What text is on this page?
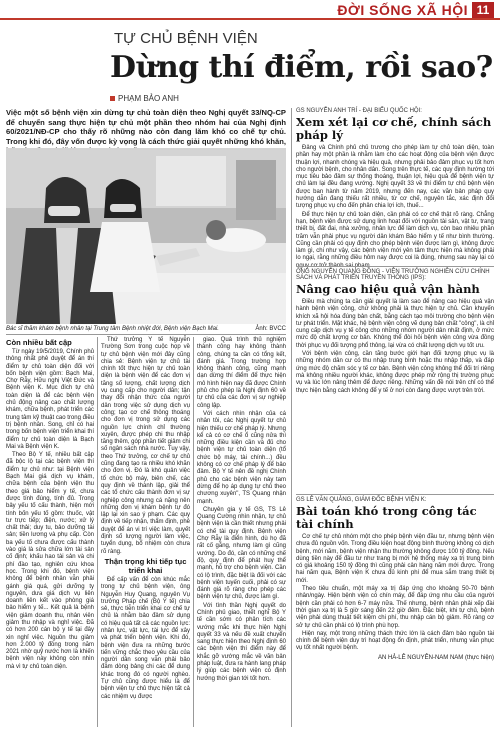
ĐỜI SỐNG XÃ HỘI 11
TỰ CHỦ BỆNH VIỆN
Dừng thí điểm, rồi sao?
PHẠM BẢO ANH
Việc một số bệnh viện xin dừng tự chủ toàn diện theo Nghị quyết 33/NQ-CP để chuyển sang thực hiện tự chủ một phần theo nhóm hai của Nghị định 60/2021/NĐ-CP cho thấy rõ những nào còn đang lăm khó co chế tự chủ. Trong khi đó, đây vốn được kỳ vọng là cách thức giải quyết những khó khăn,
Bác sĩ thăm khám bệnh nhân tại Trung tâm Bệnh nhiệt đới, Bệnh viện Bạch Mai.	Ảnh: BVCC
Còn nhiều bất cập

Từ ngày 19/5/2019, Chính phủ thông nhất phê duyệt để án thí điểm tự chủ toàn diện đối với bốn bệnh viện gồm: Bạch Mai, Chợ Rẫy, Hữu nghị Việt Đức và Bệnh viện K. Mục đích tự chủ toàn diện là để các bệnh viện chủ động nâng cao chất lượng khám, chữa bệnh, phát triển các trung tâm kỹ thuật cao trong điều trị bệnh nhân. Song, chỉ có hai trong bốn bệnh viện triển khai thí điểm tự chủ toàn diện là Bạch Mai và Bệnh viện K.

Theo Bộ Y tế, nhiều bất cập đã bộc lộ tại các bệnh viện thí điểm tự chủ như: tại Bệnh viện Bạch Mai giá dịch vụ khám, chữa bệnh của bệnh viện thu theo giá bảo hiểm y tế, chưa được tính đúng, tính đủ. Trong bảy yếu tố cấu thành, hiện mới tính bốn yếu tố gồm: thuốc, vật tư trực tiếp; điện, nước; xử lý chất thải; duy tu, bảo dưỡng tài sản; tiền lương và phụ cấp. Còn ba yếu tố chưa được cấu thành vào giá là sửa chữa lớn tài sản cố định; khấu hao tài sản và chi phí đào tạo, nghiên cứu khoa học. Trong khi đó, bệnh viện không để bệnh nhân vẫn phải gánh giá quá, gửi dưỡng ty nguyên, dưa giá dịch vụ liên doanh liên kết vào phòng giá bảo hiểm y tế... Kết quả là bệnh viện giảm doanh thu, nhân viên giảm thu nhập và nghỉ việc. Đã có hơn 200 cán bộ y tế tại đây xin nghỉ việc. Nguồn thu giảm hơn 2.000 tỷ đồng trong năm 2021 nhờ quỹ nước hơn là khiến bệnh viện này không còn nhìn mà vì tự chủ toàn diện.

Thứ trưởng Y tế Nguyễn Trường Sơn trong cuộc họp về tự chủ bệnh viện mới đây cũng chia sẻ: Bệnh viện tự chủ tài chính tốt thực hiện tự chủ toàn diện là bệnh viện để các đơn vị tăng số lượng, chất lượng dịch vụ cung cấp cho người dân; tận thay đổi nhận thức của người dân trong việc sử dụng dịch vụ công; tạo cơ chế thông thoáng cho đơn vị trong sử dụng các nguồn lực chính chỉ thường xuyên, được phép chi thu nhập tăng thêm, góp phần tiết giảm chi số ngân sách nhà nước. Tuy vậy, theo Thứ trưởng, cơ chế tự chủ cũng đang tạo ra nhiều khó khăn cho đơn vị. Đó là khó quản việc tổ chức bộ máy, biên chế, các quy định về thành lập, giải thể các tổ chức cấu thành đơn vị sự nghiệp công nhưng cá nặng nên những đơn vị khám bệnh tự đó lập lại xin sao ý phạm. Các quy định về tiếp nhận, thẩm định, phê duyệt để án vi trí việc làm, quyết định số lượng người làm việc, tuyển dụng, bổ nhiệm còn chưa rõ ràng.

Thận trọng khi tiếp tục triển khai

Để cấp vấn để còn khúc mắc trong tự chủ bệnh viện, ông Nguyễn Huy Quang, nguyên Vụ trưởng Pháp chế (Bộ Y tế) chia sẻ, thực tiễn triển khai cơ chế tự chủ là nhằm bảo đảm sử dụng có hiệu quả tất cả các nguồn lực: nhân lực, vật lực, tài lực để xây và phát triển bệnh viện. Khi đó, bệnh viện đưa ra những bước tiến vững chắc theo yêu cầu của người dân song vẫn phải bảo đảm dòng bảng chi các để dung khác trong đó có người nghèo. Tự chủ cũng được hiểu là để bệnh viện tự chủ thực hiện tất cả các nhiệm vụ được

giao. Quá trình thủ nghiệm thành công hay không thành công, chúng ta cần có tổng kết, đánh giá. Trong trường hợp không thành công, cũng mạnh dạn dừng thí điểm để thực hiện mô hình hiện nay đã được Chính phủ cho phép là Nghị định 60 về tự chủ của các đơn vị sự nghiệp công lập.

Với cách nhìn nhận của cá nhân tôi, các Nghị quyết tự chủ hiện thiếu cơ chế pháp lý. Nhưng kể cả có cơ chế ổ cũng nửa thì những điều kiện cần và đủ cho bệnh viện tự chủ toàn diện (tổ chức bộ máy, tài chính...) đều không có cơ chế pháp lý để bảo đảm. Bộ Y tế nên đề nghị Chính phủ cho các bệnh viện này tam dừng để họ áp dụng tự chủ theo chương xuyên", TS Quang nhận mạnh.

Chuyên gia y tế GS, TS Lê Quang Cường nhìn nhận, tự chủ bệnh viện là cần thiết nhưng phải có chế tài quy định. Bệnh viện Chợ Rẫy là điển hình, dù họ đã rất cố gắng, nhưng làm gì cũng vướng. Do đó, cần có những chế độ, quy định để phát huy thể mạnh, hỗ trợ cho bệnh viện. Cần có lộ trình, đặc biệt là đối với các bệnh viện tuyến cuối, phải có sự đánh giá rõ ràng cho phép các bệnh viện tự chủ, được làm gì.

Với tình thần Nghị quyết do Chính phủ giao, thiết nghĩ Bộ Y tế cần sớm có phân tích các vướng mắc khi thực hiện Nghị quyết 33 và nếu đề xuất chuyển sang thực hiện theo Nghị định 60 các bệnh viện thí điểm này để khắc gỡ vướng mắc về văn bản pháp luật, đưa ra hành lang pháp lý giúp các bệnh viện có định hướng thời gian tới tốt hơn.

GS NGUYỄN ANH TRÍ - ĐẠI BIỂU QUỐC HỘI:
Xem xét lại cơ chế, chính sách pháp lý

Đảng và Chính phủ chủ trương cho phép làm tự chủ toàn diện, toàn phần hay một phần là nhằm làm cho các hoạt động của bệnh viện được thuận lợi, nhanh chóng và hiệu quả, nhưng phải bảo đảm phục vụ tốt hơn cho người bệnh, cho nhân dân. Song trên thực tế, các quy định hướng tới mục tiêu bảo đảm sự thống thoáng, thuận lợi, hiệu quả để bệnh viện tự chủ làm lại đều đang vướng. Nghị quyết 33 về thí điểm tự chủ bệnh viện được ban hành từ năm 2019, nhưng đến nay, các văn bản pháp quy hướng dẫn đang thiếu rất nhiều, từ cơ chế, nguyên tắc, xác định đối tượng phục vụ cho đến phân chia lợi ích, thuế...

Để thực hiện tự chủ toàn diện, cần phải có cơ chế thật rõ ràng. Chẳng hạn, bệnh viện được sử dụng linh hoạt đối với nguồn tài sản, vật tư, trang thiết bị, đất đai, nhà xưởng, nhân lực để làm dịch vụ, còn bao nhiêu phần trăm vẫn phải phục vụ người dân khám Bảo hiểm y tế như bình thường. Cũng cần phải có quy định cho phép bệnh viện được làm gì, không được làm gì, chi như vậy, các bệnh viện mới yên tâm thực hiện mà không phải lo ngại, rằng những điều hôm nay được coi là đúng, nhưng sau này lại có nguy cơ trở thành sai phạm.

ÔNG NGUYỄN QUANG ĐỒNG - VIỆN TRƯỞNG NGHIÊN CỨU CHÍNH SÁCH VÀ PHÁT TRIỂN TRUYỀN THÔNG (IPS):
Nâng cao hiệu quả vận hành

Điều mà chúng ta cần giải quyết là làm sao để nâng cao hiệu quả vận hành bệnh viện công, chứ không phải là thực hiện tự chủ. Cần khuyến khích xã hội hóa đúng bản chất, bằng cách tạo môi trường cho bệnh viện tư phát triển. Mặt khác, hệ bệnh viện công vẽ dụng bản chất "công", là chỉ cung cấp dịch vụ y tế công cho những nhóm người dân nhất định, ở mức mức độ chất lượng cơ bản. Không thể đòi hỏi bệnh viện công vừa đồng thời phục vụ đối tượng phổ thông, lại vừa có chất lượng dịch vụ tốt ưu.

Với bệnh viện công, cần tăng bước giới hạn đối tượng phục vụ là những nhóm dân cư có thu nhập trung bình hoặc thu nhập thấp, và đáp ứng mức độ chăm sóc y tế cơ bản. Bệnh viện công không thể đối trí riêng mà không nhiều người khác, không được phép mở rộng thị trường phục vụ và lúc lớn nâng thêm để được riêng. Những vấn đề nói trên chỉ có thể thực hiện bằng cách không để y tế ở nơi còn đang được vượt trên trời.

GS LÊ VĂN QUẢNG, GIÁM ĐỐC BỆNH VIỆN K:
Bài toán khó trong công tác tài chính

Cơ chế tự chủ nhóm một cho phép bệnh viện đầu tư, nhưng bệnh viện chưa đủ nguồn vốn. Trong điều kiện hoạt động bình thường không có dịch bệnh, mới năm, bệnh viện nhận thu thường không được 100 tỷ đồng. Nếu dùng tiền này để đầu tư như trang bị mới hệ thống máy xạ trị trung bình có giá khoảng 150 tỷ đồng thì cũng phải cân hàng năm mới được. Trong hai năm qua, Bệnh viện K chưa đủ kinh phí để mua sắm trang thiết bị mới.

Theo tiêu chuẩn, một máy xạ trị đáp ứng cho khoảng 50-70 bệnh nhân/ngày. Hiện bệnh viện có chín máy, để đáp ứng nhu cầu của người bệnh cần phải có hơn 6-7 máy nữa. Thế nhưng, bệnh nhân phải xếp đài thời gian xạ trị là 5 giờ sáng đến 22 giờ đêm. Đặc biệt, khi tự chủ, bệnh viện phải dùng thuật tiết kiệm chi phí, thu nhập cán bộ giảm. Rõ ràng cơ sở tự chủ cần phải có lộ trình phù hợp.

Hiện nay, một trong những thách thức lớn là cách đảm bảo nguồn tài chính để bệnh viện duy trì hoạt động ổn định, phát triển, nhưng vẫn phục vụ tốt nhất người bệnh.

AN HẢ-LÊ NGUYÊN-NAM NAM (thực hiện)
